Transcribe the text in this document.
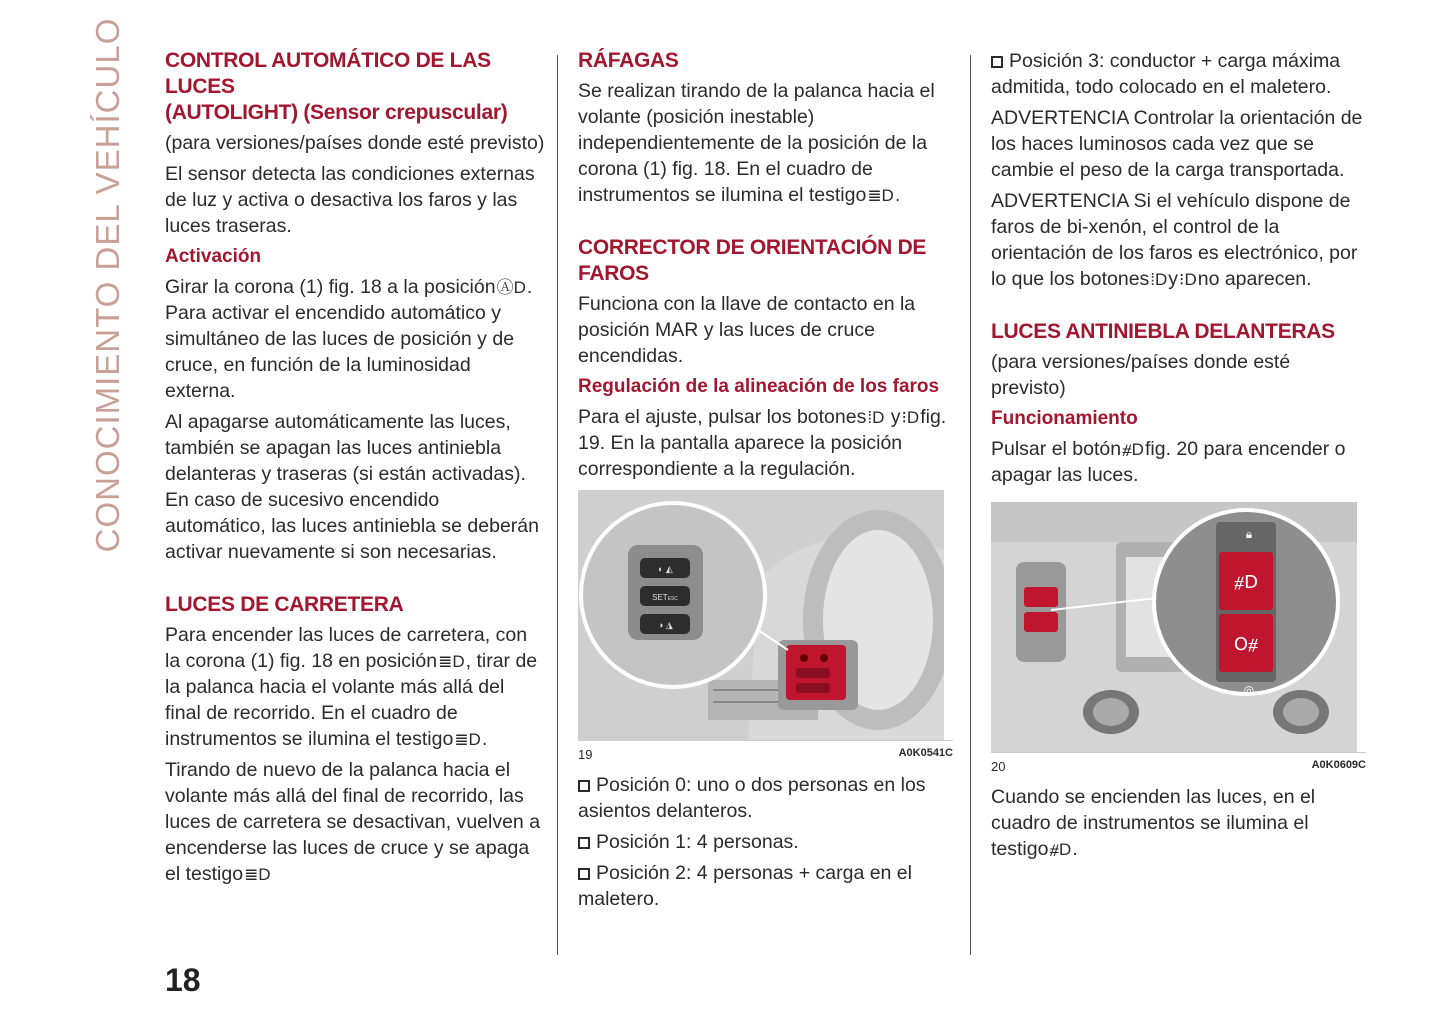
CONOCIMIENTO DEL VEHÍCULO CONTROL AUTOMÁTICO DE LAS LUCES
(AUTOLIGHT) (Sensor crepuscular)

(para versiones/países donde esté previsto)

El sensor detecta las condiciones externas de luz y activa o desactiva los faros y las luces traseras.

Activación

Girar la corona (1) fig. 18 a la posiciónⒶD. Para activar el encendido automático y simultáneo de las luces de posición y de cruce, en función de la luminosidad externa.

Al apagarse automáticamente las luces, también se apagan las luces antiniebla delanteras y traseras (si están activadas). En caso de sucesivo encendido automático, las luces antiniebla se deberán activar nuevamente si son necesarias.

LUCES DE CARRETERA

Para encender las luces de carretera, con la corona (1) fig. 18 en posición≣D, tirar de la palanca hacia el volante más allá del final de recorrido. En el cuadro de instrumentos se ilumina el testigo≣D.

Tirando de nuevo de la palanca hacia el volante más allá del final de recorrido, las luces de carretera se desactivan, vuelven a encenderse las luces de cruce y se apaga el testigo≣D

RÁFAGAS

Se realizan tirando de la palanca hacia el volante (posición inestable) independientemente de la posición de la corona (1) fig. 18. En el cuadro de instrumentos se ilumina el testigo≣D.

CORRECTOR DE ORIENTACIÓN DE FAROS

Funciona con la llave de contacto en la posición MAR y las luces de cruce encendidas.

Regulación de la alineación de los faros

Para el ajuste, pulsar los botones⁞D y⁝Dfig. 19. En la pantalla aparece la posición correspondiente a la regulación.

SETESC
◐ ◭
◑ ◮
19	A0K0541C

Posición 0: uno o dos personas en los asientos delanteros.

Posición 1: 4 personas.

Posición 2: 4 personas + carga en el maletero.

Posición 3: conductor + carga máxima admitida, todo colocado en el maletero.

ADVERTENCIA Controlar la orientación de los haces luminosos cada vez que se cambie el peso de la carga transportada.

ADVERTENCIA Si el vehículo dispone de faros de bi-xenón, el control de la orientación de los faros es electrónico, por lo que los botones⁞Dy⁝Dno aparecen.

LUCES ANTINIEBLA DELANTERAS

(para versiones/países donde esté previsto)

Funcionamiento

Pulsar el botón⧣Dfig. 20 para encender o apagar las luces.

⧣D
O⧣
🔒︎
◎
20	A0K0609C

Cuando se encienden las luces, en el cuadro de instrumentos se ilumina el testigo⧣D.

18
